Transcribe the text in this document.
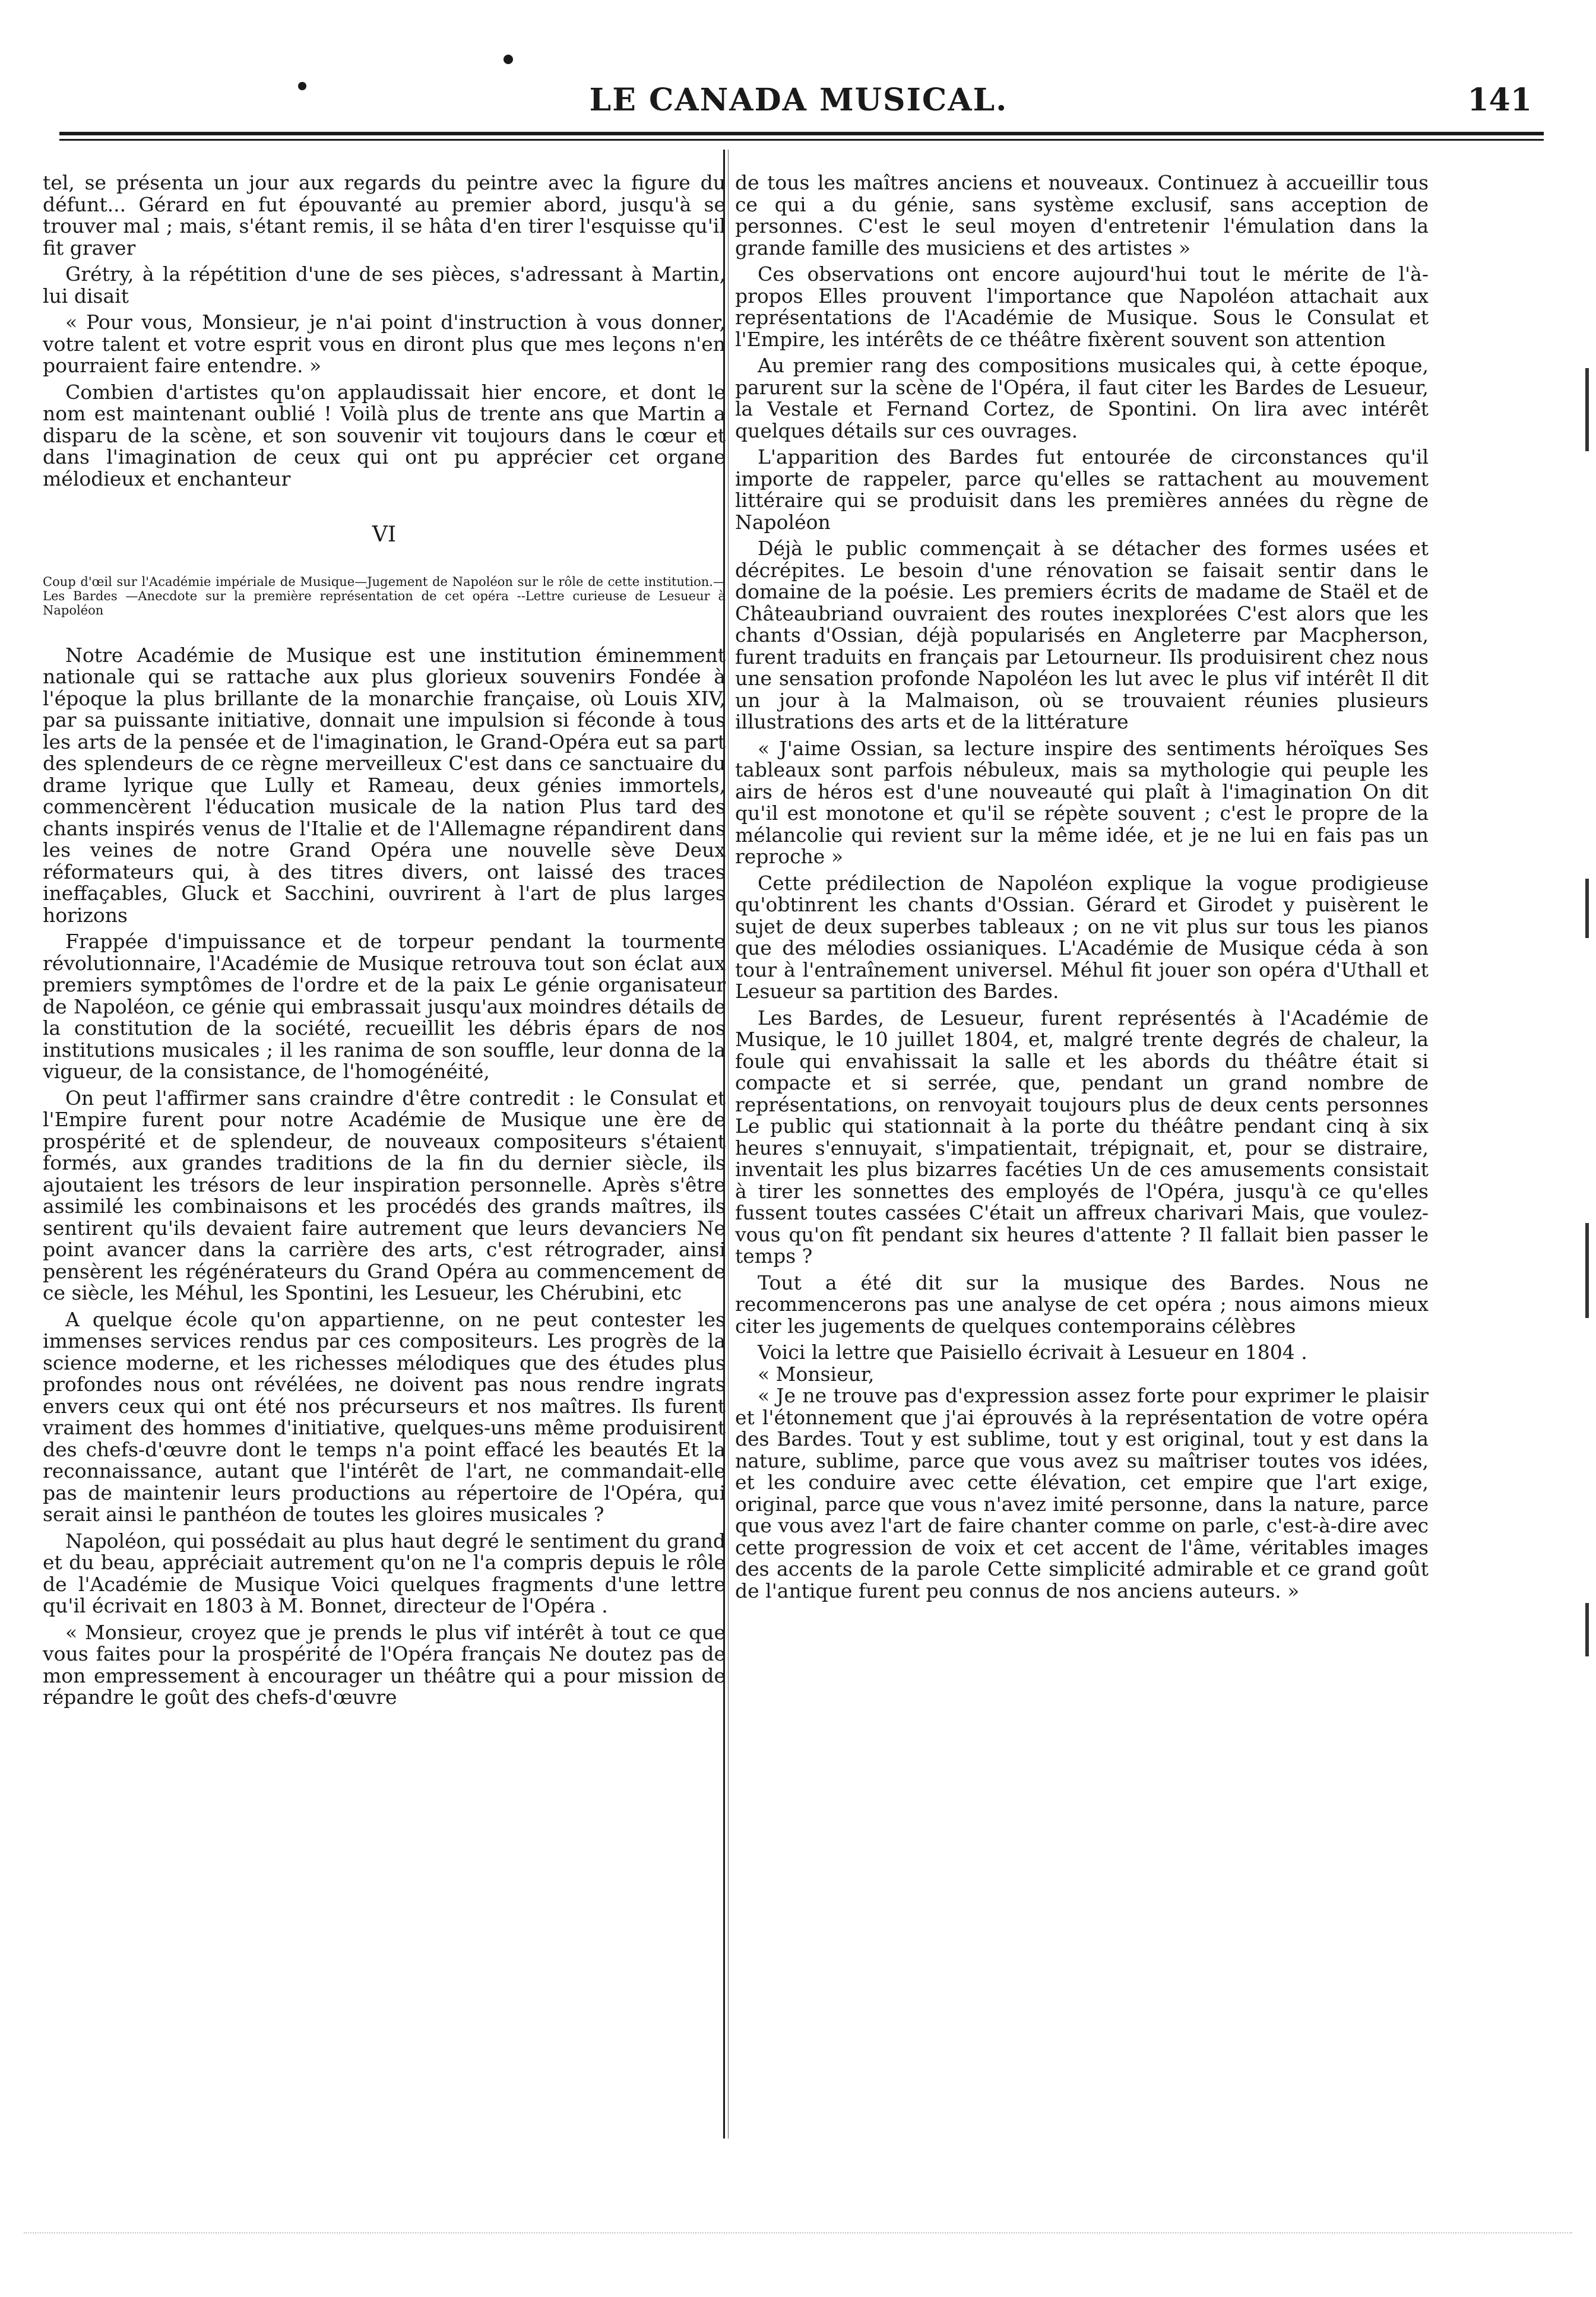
LE CANADA MUSICAL.	141

tel, se présenta un jour aux regards du peintre avec la figure du défunt... Gérard en fut épouvanté au premier abord, jusqu'à se trouver mal ; mais, s'étant remis, il se hâta d'en tirer l'esquisse qu'il fit graver

Grétry, à la répétition d'une de ses pièces, s'adressant à Martin, lui disait

« Pour vous, Monsieur, je n'ai point d'instruction à vous donner, votre talent et votre esprit vous en diront plus que mes leçons n'en pourraient faire entendre. »

Combien d'artistes qu'on applaudissait hier encore, et dont le nom est maintenant oublié ! Voilà plus de trente ans que Martin a disparu de la scène, et son souvenir vit toujours dans le cœur et dans l'imagination de ceux qui ont pu apprécier cet organe mélodieux et enchanteur

VI

Coup d'œil sur l'Académie impériale de Musique—Jugement de Napoléon sur le rôle de cette institution.—Les Bardes —Anecdote sur la première représentation de cet opéra --Lettre curieuse de Lesueur à Napoléon

Notre Académie de Musique est une institution éminemment nationale qui se rattache aux plus glorieux souvenirs Fondée à l'époque la plus brillante de la monarchie française, où Louis XIV, par sa puissante initiative, donnait une impulsion si féconde à tous les arts de la pensée et de l'imagination, le Grand-Opéra eut sa part des splendeurs de ce règne merveilleux C'est dans ce sanctuaire du drame lyrique que Lully et Rameau, deux génies immortels, commencèrent l'éducation musicale de la nation Plus tard des chants inspirés venus de l'Italie et de l'Allemagne répandirent dans les veines de notre Grand Opéra une nouvelle sève Deux réformateurs qui, à des titres divers, ont laissé des traces ineffaçables, Gluck et Sacchini, ouvrirent à l'art de plus larges horizons

Frappée d'impuissance et de torpeur pendant la tourmente révolutionnaire, l'Académie de Musique retrouva tout son éclat aux premiers symptômes de l'ordre et de la paix Le génie organisateur de Napoléon, ce génie qui embrassait jusqu'aux moindres détails de la constitution de la société, recueillit les débris épars de nos institutions musicales ; il les ranima de son souffle, leur donna de la vigueur, de la consistance, de l'homogénéité,

On peut l'affirmer sans craindre d'être contredit : le Consulat et l'Empire furent pour notre Académie de Musique une ère de prospérité et de splendeur, de nouveaux compositeurs s'étaient formés, aux grandes traditions de la fin du dernier siècle, ils ajoutaient les trésors de leur inspiration personnelle. Après s'être assimilé les combinaisons et les procédés des grands maîtres, ils sentirent qu'ils devaient faire autrement que leurs devanciers Ne point avancer dans la carrière des arts, c'est rétrograder, ainsi pensèrent les régénérateurs du Grand Opéra au commencement de ce siècle, les Méhul, les Spontini, les Lesueur, les Chérubini, etc

A quelque école qu'on appartienne, on ne peut contester les immenses services rendus par ces compositeurs. Les progrès de la science moderne, et les richesses mélodiques que des études plus profondes nous ont révélées, ne doivent pas nous rendre ingrats envers ceux qui ont été nos précurseurs et nos maîtres. Ils furent vraiment des hommes d'initiative, quelques-uns même produisirent des chefs-d'œuvre dont le temps n'a point effacé les beautés Et la reconnaissance, autant que l'intérêt de l'art, ne commandait-elle pas de maintenir leurs productions au répertoire de l'Opéra, qui serait ainsi le panthéon de toutes les gloires musicales ?

Napoléon, qui possédait au plus haut degré le sentiment du grand et du beau, appréciait autrement qu'on ne l'a compris depuis le rôle de l'Académie de Musique Voici quelques fragments d'une lettre qu'il écrivait en 1803 à M. Bonnet, directeur de l'Opéra .

« Monsieur, croyez que je prends le plus vif intérêt à tout ce que vous faites pour la prospérité de l'Opéra français Ne doutez pas de mon empressement à encourager un théâtre qui a pour mission de répandre le goût des chefs-d'œuvre

de tous les maîtres anciens et nouveaux. Continuez à accueillir tous ce qui a du génie, sans système exclusif, sans acception de personnes. C'est le seul moyen d'entretenir l'émulation dans la grande famille des musiciens et des artistes »

Ces observations ont encore aujourd'hui tout le mérite de l'à-propos Elles prouvent l'importance que Napoléon attachait aux représentations de l'Académie de Musique. Sous le Consulat et l'Empire, les intérêts de ce théâtre fixèrent souvent son attention

Au premier rang des compositions musicales qui, à cette époque, parurent sur la scène de l'Opéra, il faut citer les Bardes de Lesueur, la Vestale et Fernand Cortez, de Spontini. On lira avec intérêt quelques détails sur ces ouvrages.

L'apparition des Bardes fut entourée de circonstances qu'il importe de rappeler, parce qu'elles se rattachent au mouvement littéraire qui se produisit dans les premières années du règne de Napoléon

Déjà le public commençait à se détacher des formes usées et décrépites. Le besoin d'une rénovation se faisait sentir dans le domaine de la poésie. Les premiers écrits de madame de Staël et de Châteaubriand ouvraient des routes inexplorées C'est alors que les chants d'Ossian, déjà popularisés en Angleterre par Macpherson, furent traduits en français par Letourneur. Ils produisirent chez nous une sensation profonde Napoléon les lut avec le plus vif intérêt Il dit un jour à la Malmaison, où se trouvaient réunies plusieurs illustrations des arts et de la littérature

« J'aime Ossian, sa lecture inspire des sentiments héroïques Ses tableaux sont parfois nébuleux, mais sa mythologie qui peuple les airs de héros est d'une nouveauté qui plaît à l'imagination On dit qu'il est monotone et qu'il se répète souvent ; c'est le propre de la mélancolie qui revient sur la même idée, et je ne lui en fais pas un reproche »

Cette prédilection de Napoléon explique la vogue prodigieuse qu'obtinrent les chants d'Ossian. Gérard et Girodet y puisèrent le sujet de deux superbes tableaux ; on ne vit plus sur tous les pianos que des mélodies ossianiques. L'Académie de Musique céda à son tour à l'entraînement universel. Méhul fit jouer son opéra d'Uthall et Lesueur sa partition des Bardes.

Les Bardes, de Lesueur, furent représentés à l'Académie de Musique, le 10 juillet 1804, et, malgré trente degrés de chaleur, la foule qui envahissait la salle et les abords du théâtre était si compacte et si serrée, que, pendant un grand nombre de représentations, on renvoyait toujours plus de deux cents personnes Le public qui stationnait à la porte du théâtre pendant cinq à six heures s'ennuyait, s'impatientait, trépignait, et, pour se distraire, inventait les plus bizarres facéties Un de ces amusements consistait à tirer les sonnettes des employés de l'Opéra, jusqu'à ce qu'elles fussent toutes cassées C'était un affreux charivari Mais, que voulez-vous qu'on fît pendant six heures d'attente ? Il fallait bien passer le temps ?

Tout a été dit sur la musique des Bardes. Nous ne recommencerons pas une analyse de cet opéra ; nous aimons mieux citer les jugements de quelques contemporains célèbres

Voici la lettre que Paisiello écrivait à Lesueur en 1804 .

« Monsieur,

« Je ne trouve pas d'expression assez forte pour exprimer le plaisir et l'étonnement que j'ai éprouvés à la représentation de votre opéra des Bardes. Tout y est sublime, tout y est original, tout y est dans la nature, sublime, parce que vous avez su maîtriser toutes vos idées, et les conduire avec cette élévation, cet empire que l'art exige, original, parce que vous n'avez imité personne, dans la nature, parce que vous avez l'art de faire chanter comme on parle, c'est-à-dire avec cette progression de voix et cet accent de l'âme, véritables images des accents de la parole Cette simplicité admirable et ce grand goût de l'antique furent peu connus de nos anciens auteurs. »
